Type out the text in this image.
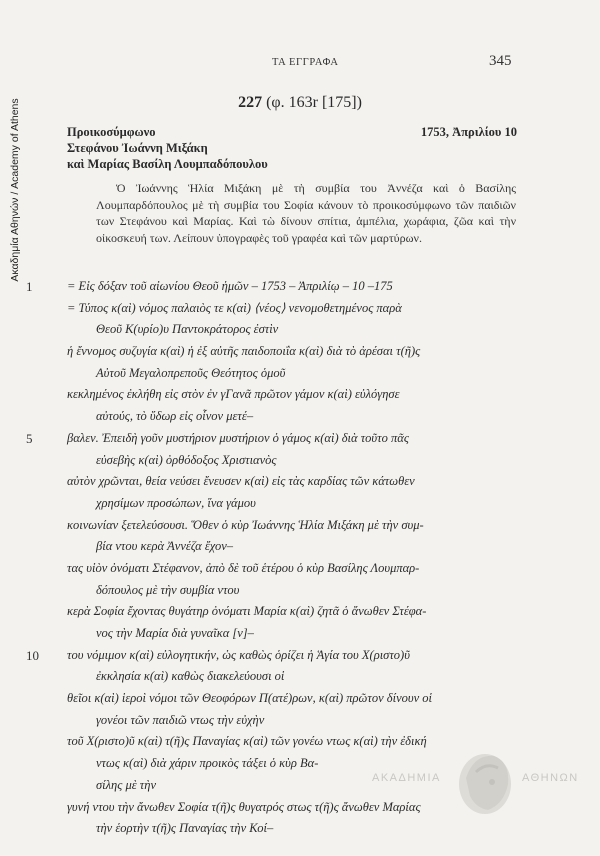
Ακαδημία Αθηνών / Academy of Athens
ΤΑ ΕΓΓΡΑΦΑ	345
227 (φ. 163r [175])
Προικοσύμφωνο
Στεφάνου Ἰωάννη Μιξάκη
καὶ Μαρίας Βασίλη Λουμπαδόπουλου
1753, Ἀπριλίου 10
Ὁ Ἰωάννης Ἡλία Μιξάκη μὲ τὴ συμβία του Ἀννέζα καὶ ὁ Βασίλης Λουμπαρδόπουλος μὲ τὴ συμβία του Σοφία κάνουν τὸ προικοσύμφωνο τῶν παιδιῶν των Στεφάνου καὶ Μαρίας. Καὶ τὼ δίνουν σπίτια, ἀμπέλια, χωράφια, ζῶα καὶ τὴν οἰκοσκευή των. Λείπουν ὑπογραφὲς τοῦ γραφέα καὶ τῶν μαρτύρων.
1	= Εἰς δόξαν τοῦ αἰωνίου Θεοῦ ἡμῶν – 1753 – Ἀπριλίῳ – 10 –175
= Τύπος κ(αὶ) νόμος παλαιὸς τε κ(αὶ) ⟨νέος⟩ νενομοθετημένος παρὰ
Θεοῦ Κ(υρίο)υ Παντοκράτορος ἐστὶν
ἡ ἔννομος συζυγία κ(αὶ) ἡ ἐξ αὐτῆς παιδοποιΐα κ(αὶ) διὰ τὸ ἀρέσαι τ(ῆ)ς
Αὐτοῦ Μεγαλοπρεποῦς Θεότητος ὁμοῦ
κεκλημένος ἐκλήθη εἰς στὸν ἐν γΓανᾶ πρῶτον γάμον κ(αὶ) εὐλόγησε
αὐτούς, τὸ ὕδωρ εἰς οἶνον μετέ–
5	βαλεν. Ἐπειδὴ γοῦν μυστήριον μυστήριον ὁ γάμος κ(αὶ) διὰ τοῦτο πᾶς
εὐσεβὴς κ(αὶ) ὀρθόδοξος Χριστιανὸς
αὐτὸν χρῶνται, θεία νεύσει ἔνευσεν κ(αὶ) εἰς τὰς καρδίας τῶν κάτωθεν
χρησίμων προσώπων, ἵνα γάμου
κοινωνίαν ξετελεύσουσι. Ὅθεν ὁ κὺρ Ἰωάννης Ἡλία Μιξάκη μὲ τὴν συμ-
βία ντου κερὰ Ἀννέζα ἔχον–
τας υἱὸν ὀνόματι Στέφανον, ἀπὸ δὲ τοῦ ἑτέρου ὁ κὺρ Βασίλης Λουμπαρ-
δόπουλος μὲ τὴν συμβία ντου
κερὰ Σοφία ἔχοντας θυγάτηρ ὀνόματι Μαρία κ(αὶ) ζητᾶ ὁ ἄνωθεν Στέφα-
νος τὴν Μαρία διὰ γυναῖκα [ν]–
10 του νόμιμον κ(αὶ) εὐλογητικήν, ὡς καθὼς ὁρίζει ἡ Ἁγία του Χ(ριστο)ῦ
ἐκκλησία κ(αὶ) καθὼς διακελεύουσι οἱ
θεῖοι κ(αὶ) ἱεροὶ νόμοι τῶν Θεοφόρων Π(ατέ)ρων, κ(αὶ) πρῶτον δίνουν οἱ
γονέοι τῶν παιδιῶ ντως τὴν εὐχὴν
τοῦ Χ(ριστο)ῦ κ(αὶ) τ(ῆ)ς Παναγίας κ(αὶ) τῶν γονέω ντως κ(αὶ) τὴν ἐδική
ντως κ(αὶ) διὰ χάριν προικὸς τάξει ὁ κὺρ Βα-
σίλης μὲ τὴν
γυνή ντου τὴν ἄνωθεν Σοφία τ(ῆ)ς θυγατρός στως τ(ῆ)ς ἄνωθεν Μαρίας
τὴν ἑορτὴν τ(ῆ)ς Παναγίας τὴν Κοί–
ΑΚΑΔΗΜΙΑ	ΑΘΗΝΩΝ
